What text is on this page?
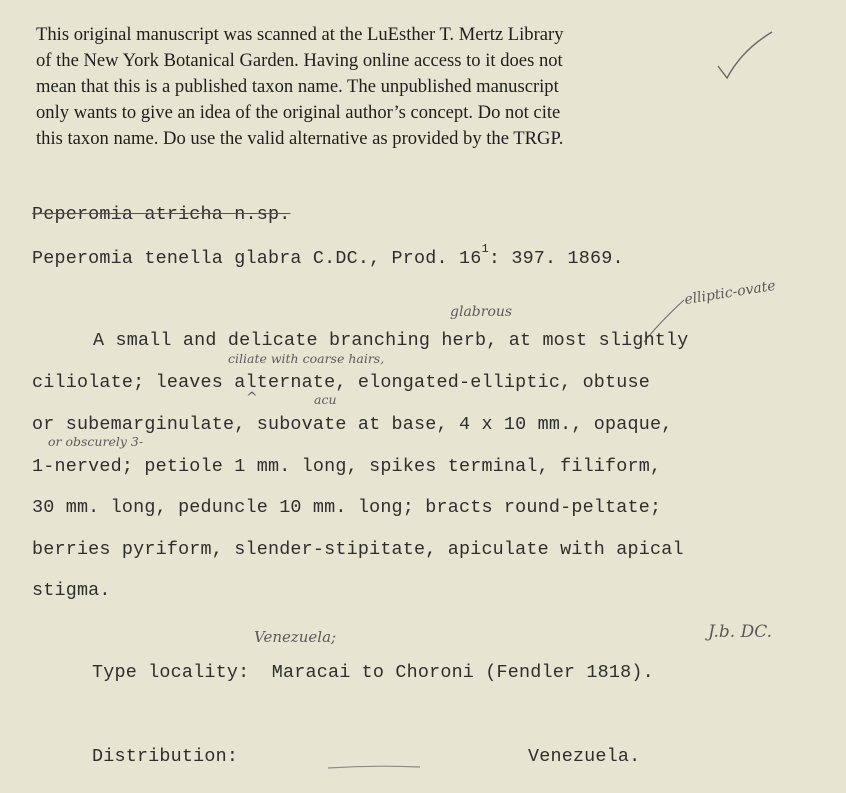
This original manuscript was scanned at the LuEsther T. Mertz Library
of the New York Botanical Garden. Having online access to it does not
mean that this is a published taxon name. The unpublished manuscript
only wants to give an idea of the original author’s concept. Do not cite
this taxon name. Do use the valid alternative as provided by the TRGP.
Peperomia atricha n.sp.
Peperomia tenella glabra C.DC., Prod. $16^1$: 397. 1869.
glabrous
elliptic-ovate
A small and delicate branching herb, at most slightly
ciliolate; leaves alternate, elongated-elliptic, obtuse
ciliate with coarse hairs,
or subemarginulate, subovate at base, 4 x 10 mm., opaque,
acu
^
1-nerved; petiole 1 mm. long, spikes terminal, filiform,
or obscurely 3-
30 mm. long, peduncle 10 mm. long; bracts round-peltate;
berries pyriform, slender-stipitate, apiculate with apical
stigma.
Venezuela;	J.b. DC.
Type locality: Maracai to Choroni (Fendler 1818).
Distribution:	Venezuela.
